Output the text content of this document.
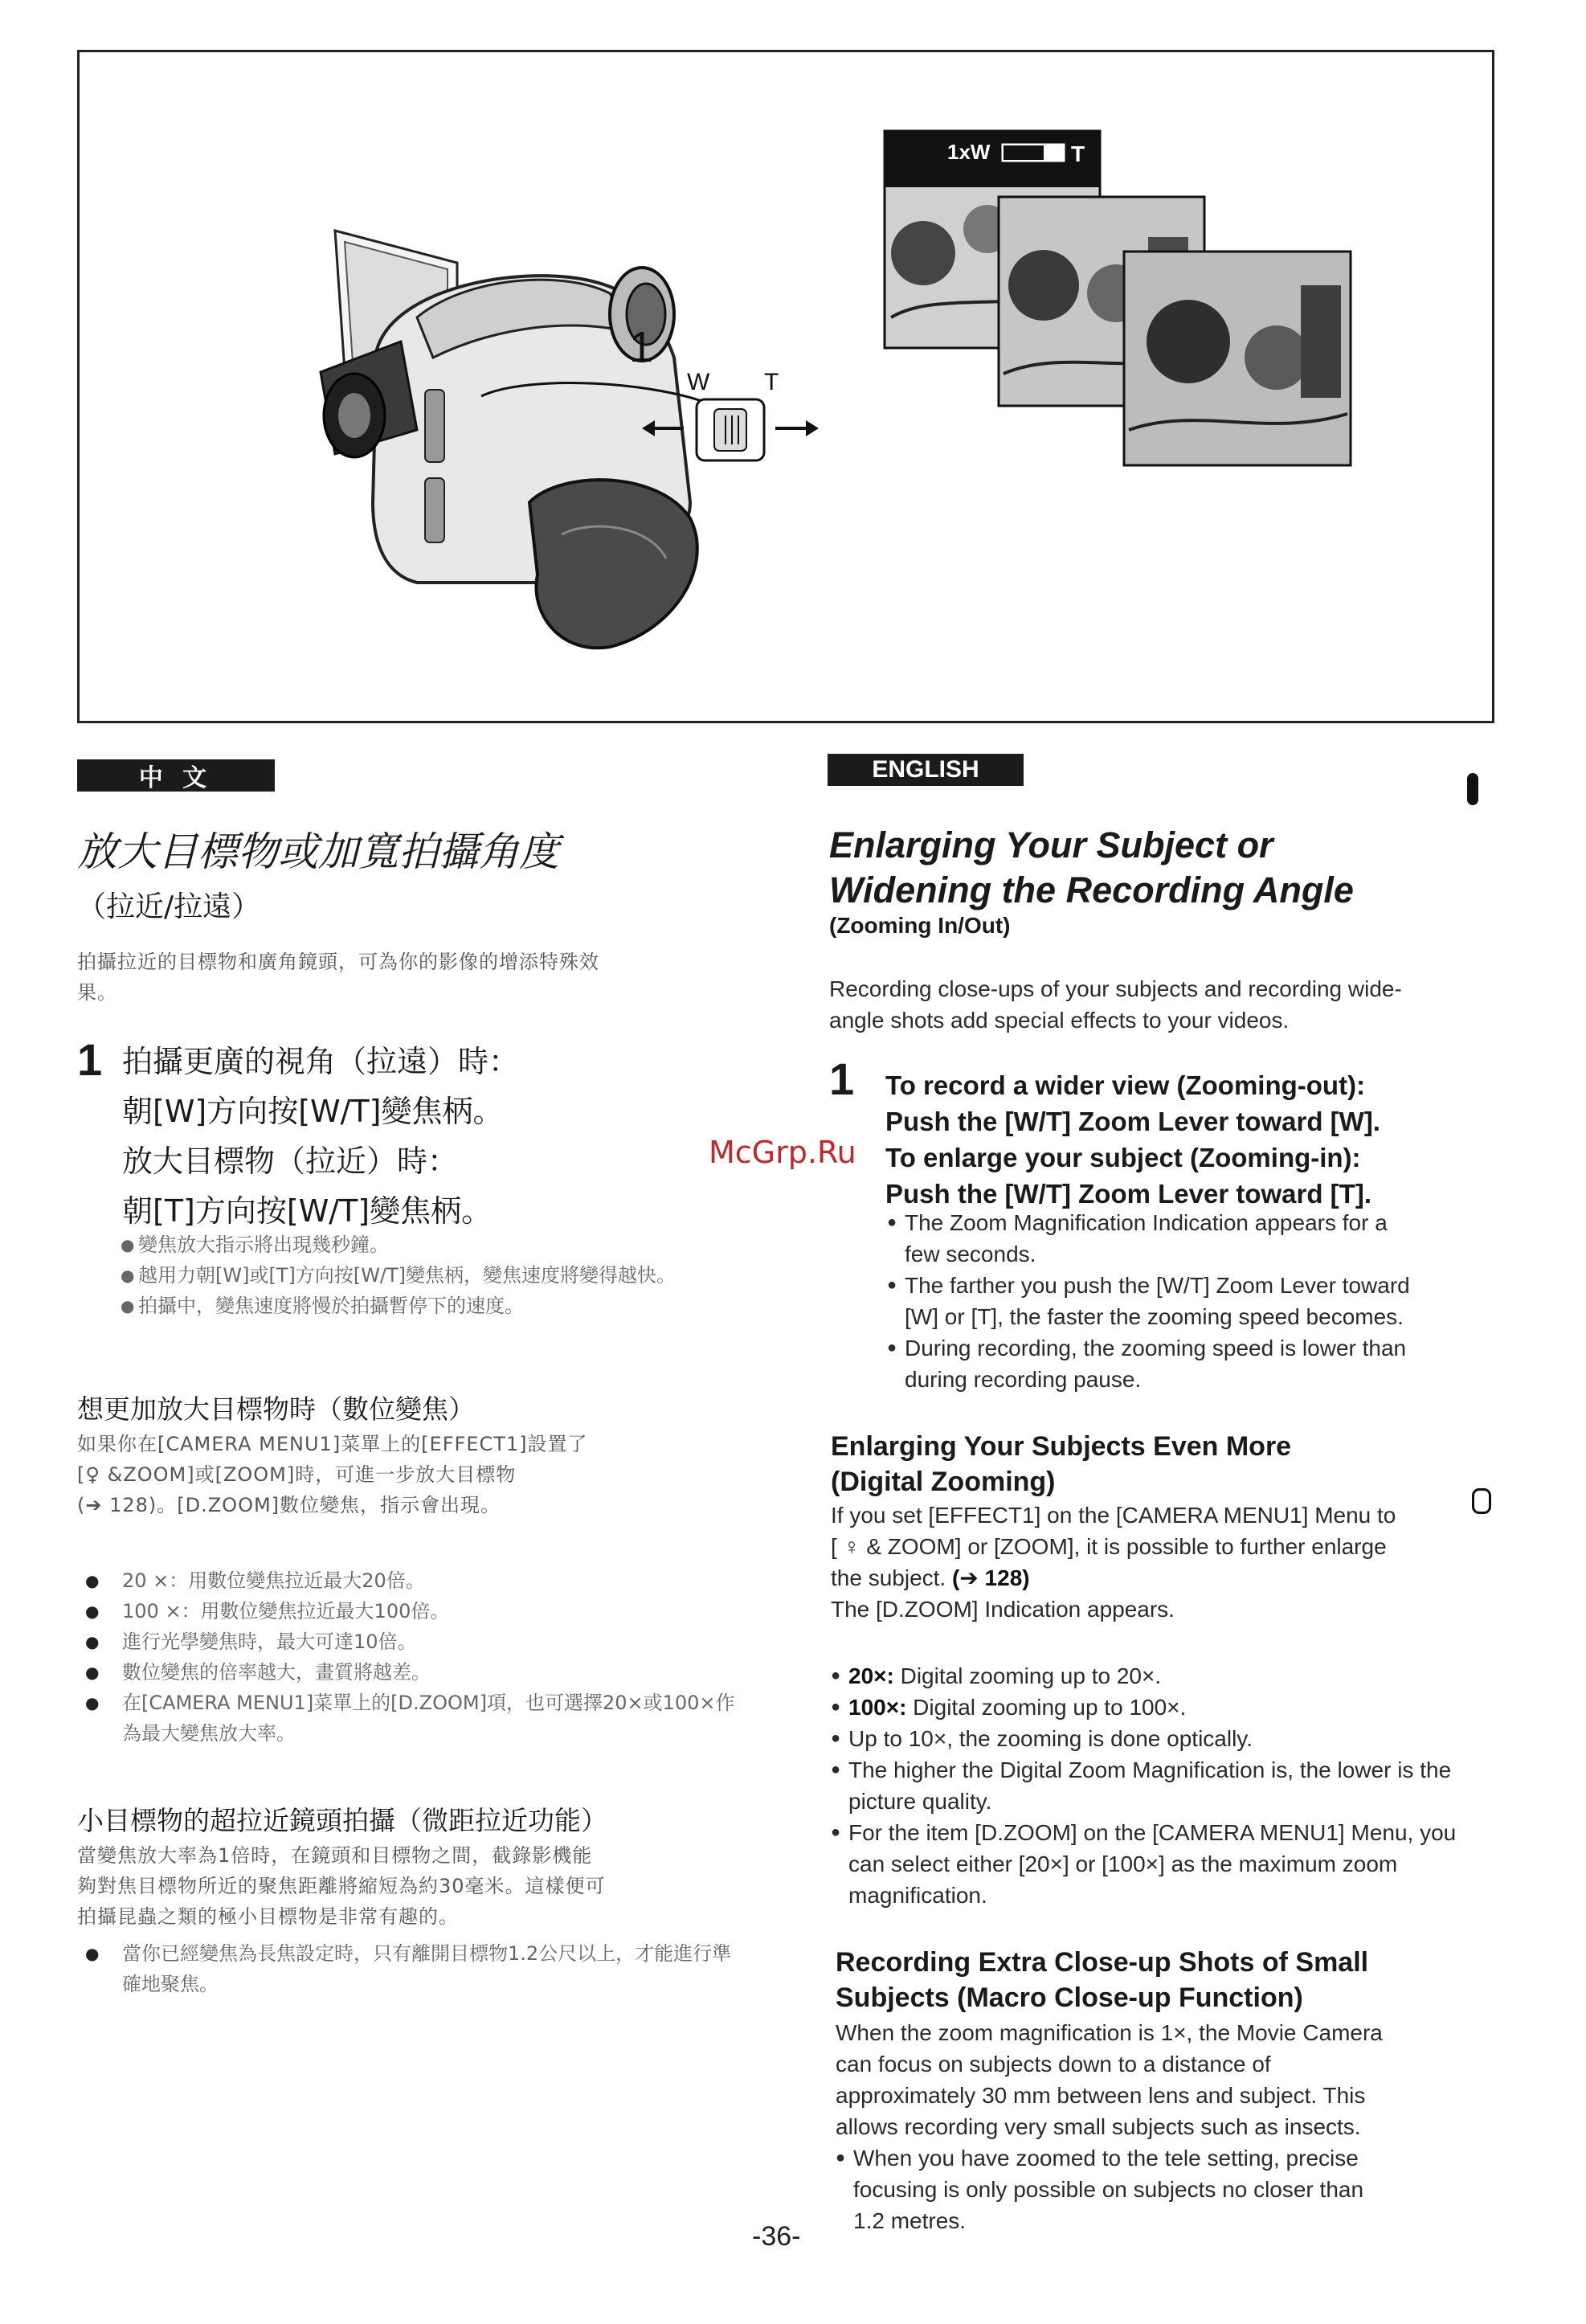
1
W T
1xW	T
中 文
放大目標物或加寬拍攝角度
（拉近/拉遠）
拍攝拉近的目標物和廣角鏡頭，可為你的影像的增添特殊效
果。
1 拍攝更廣的視角（拉遠）時：
朝[W]方向按[W/T]變焦柄。
放大目標物（拉近）時：
朝[T]方向按[W/T]變焦柄。
● 變焦放大指示將出現幾秒鐘。
● 越用力朝[W]或[T]方向按[W/T]變焦柄，變焦速度將變得越快。
● 拍攝中，變焦速度將慢於拍攝暫停下的速度。
想更加放大目標物時（數位變焦）
如果你在[CAMERA MENU1]菜單上的[EFFECT1]設置了
[♀ &ZOOM]或[ZOOM]時，可進一步放大目標物
(➔ 128)。[D.ZOOM]數位變焦，指示會出現。
● 20 ×：用數位變焦拉近最大20倍。
● 100 ×：用數位變焦拉近最大100倍。
● 進行光學變焦時，最大可達10倍。
● 數位變焦的倍率越大，畫質將越差。
● 在[CAMERA MENU1]菜單上的[D.ZOOM]項，也可選擇20×或100×作為最大變焦放大率。
小目標物的超拉近鏡頭拍攝（微距拉近功能）
當變焦放大率為1倍時，在鏡頭和目標物之間，截錄影機能
夠對焦目標物所近的聚焦距離將縮短為約30毫米。這樣便可
拍攝昆蟲之類的極小目標物是非常有趣的。
● 當你已經變焦為長焦設定時，只有離開目標物1.2公尺以上，才能進行準確地聚焦。
ENGLISH
Enlarging Your Subject or
Widening the Recording Angle
(Zooming In/Out)
Recording close-ups of your subjects and recording wide-
angle shots add special effects to your videos.
1 To record a wider view (Zooming-out):
Push the [W/T] Zoom Lever toward [W].
To enlarge your subject (Zooming-in):
Push the [W/T] Zoom Lever toward [T].
● The Zoom Magnification Indication appears for a
few seconds.
● The farther you push the [W/T] Zoom Lever toward
[W] or [T], the faster the zooming speed becomes.
● During recording, the zooming speed is lower than
during recording pause.
Enlarging Your Subjects Even More
(Digital Zooming)
If you set [EFFECT1] on the [CAMERA MENU1] Menu to
[ ♀ & ZOOM] or [ZOOM], it is possible to further enlarge
the subject. (➔ 128)
The [D.ZOOM] Indication appears.
● 20×: Digital zooming up to 20×.
● 100×: Digital zooming up to 100×.
● Up to 10×, the zooming is done optically.
● The higher the Digital Zoom Magnification is, the lower is the picture quality.
● For the item [D.ZOOM] on the [CAMERA MENU1] Menu, you can select either [20×] or [100×] as the maximum zoom magnification.
Recording Extra Close-up Shots of Small
Subjects (Macro Close-up Function)
When the zoom magnification is 1×, the Movie Camera
can focus on subjects down to a distance of
approximately 30 mm between lens and subject. This
allows recording very small subjects such as insects.
● When you have zoomed to the tele setting, precise
focusing is only possible on subjects no closer than
1.2 metres.
McGrp.Ru
-36-
